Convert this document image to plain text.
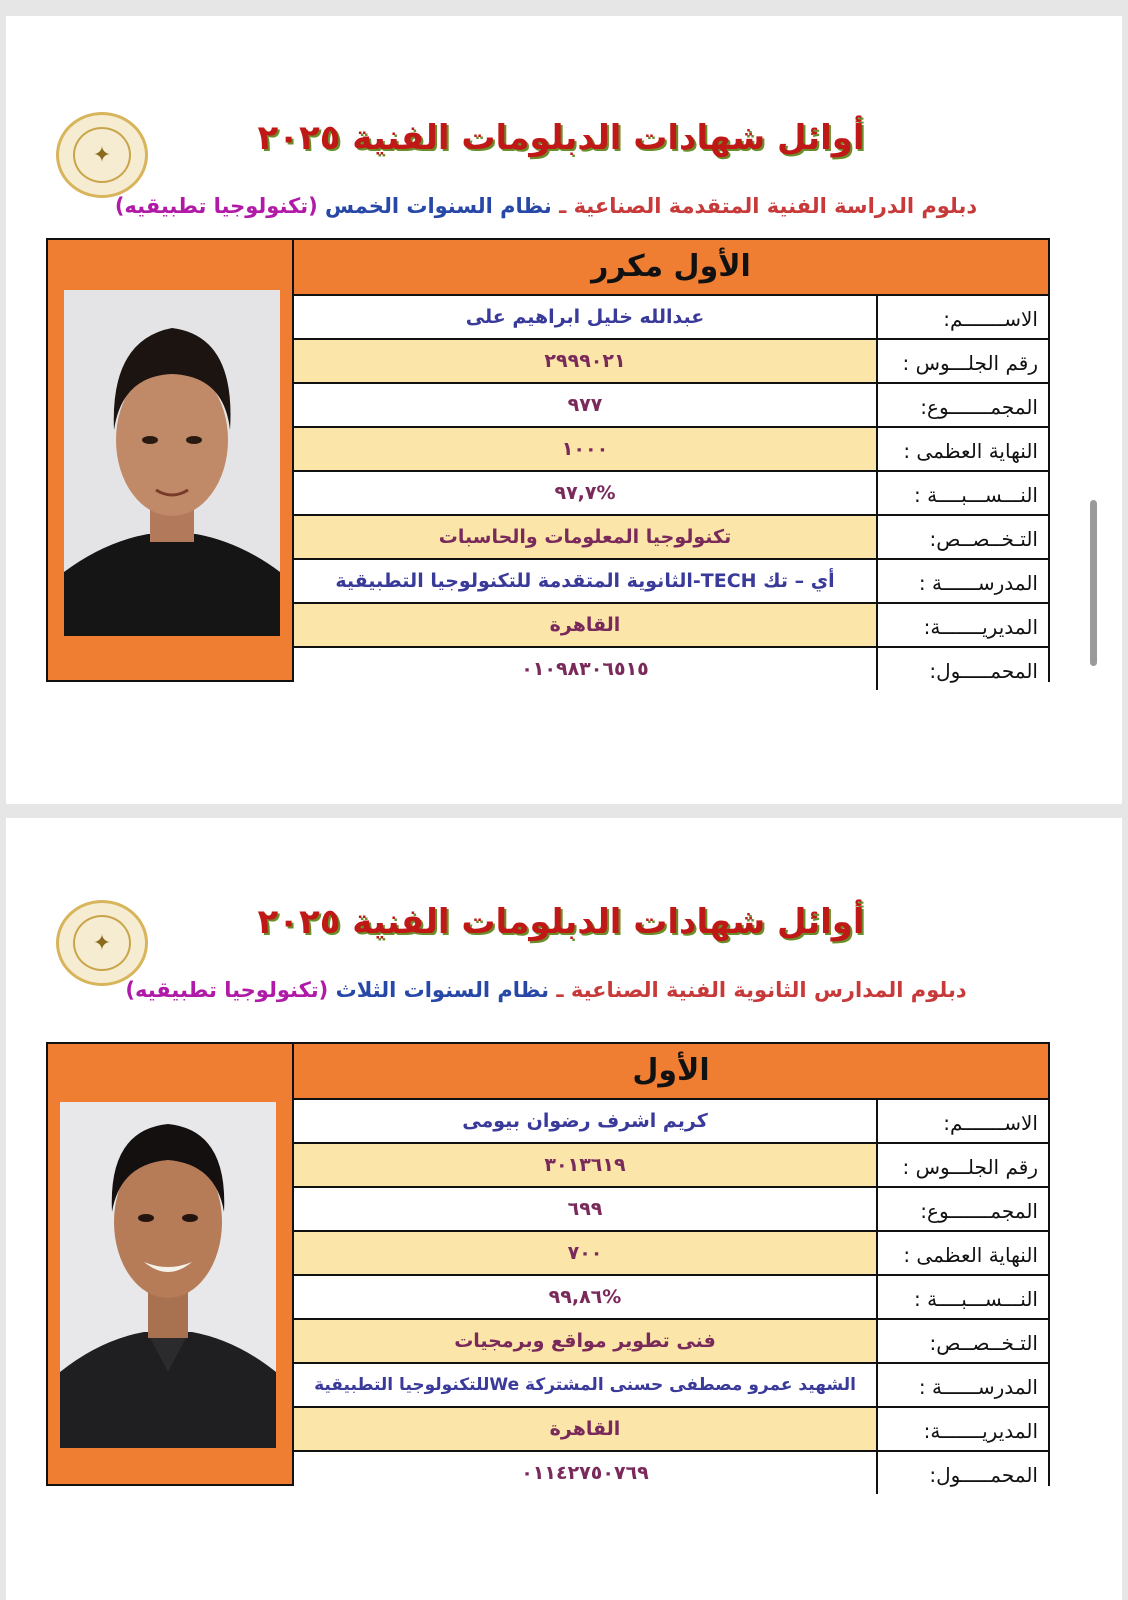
✦	أوائل شهادات الدبلومات الفنية ٢٠٢٥
دبلوم الدراسة الفنية المتقدمة الصناعية ـ نظام السنوات الخمس (تكنولوجيا تطبيقيه)
الأول مكرر
عبدالله خليل ابراهيم على	الاســـــــم:
٢٩٩٩٠٢١	رقم الجلـــوس :
٩٧٧	المجمـــــــوع:
١٠٠٠	النهاية العظمى :
%٩٧,٧	النـــســـبــــة :
تكنولوجيا المعلومات والحاسبات	التـخــصــص:
أي – تك TECH-الثانوية المتقدمة للتكنولوجيا التطبيقية	المدرســــــة :
القاهرة	المديريـــــــة:
٠١٠٩٨٣٠٦٥١٥	المحمـــــول:
✦
أوائل شهادات الدبلومات الفنية ٢٠٢٥
دبلوم المدارس الثانوية الفنية الصناعية ـ نظام السنوات الثلاث (تكنولوجيا تطبيقيه)
الأول
كريم اشرف رضوان بيومى	الاســـــــم:
٣٠١٣٦١٩	رقم الجلـــوس :
٦٩٩	المجمـــــــوع:
٧٠٠	النهاية العظمى :
%٩٩,٨٦	النـــســـبــــة :
فنى تطوير مواقع وبرمجيات	التـخــصــص:
الشهيد عمرو مصطفى حسنى المشتركة Weللتكنولوجيا التطبيقية	المدرســــــة :
القاهرة	المديريـــــــة:
٠١١٤٢٧٥٠٧٦٩	المحمـــــول:
